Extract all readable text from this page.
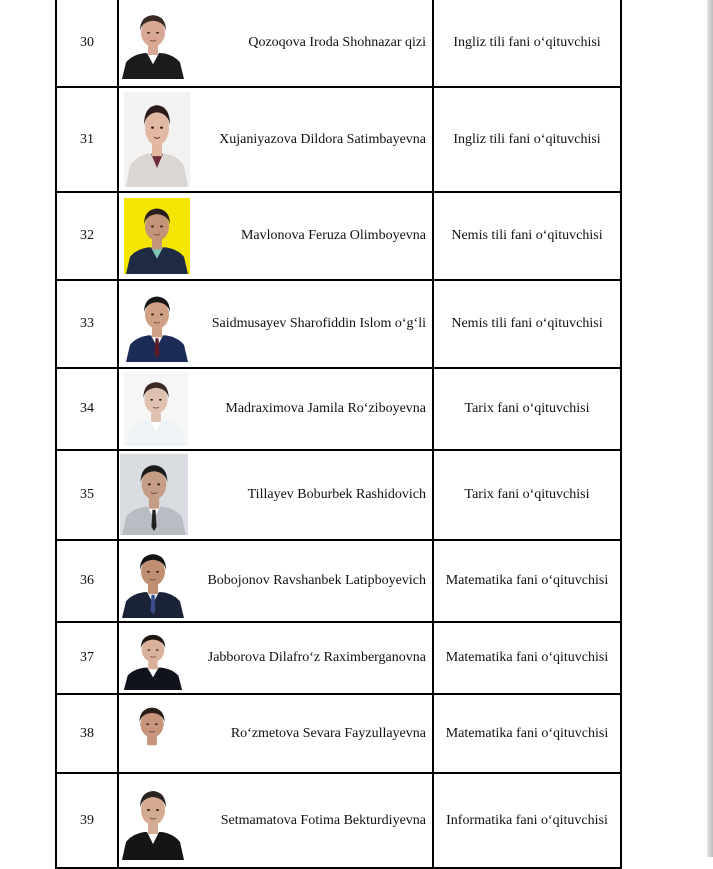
30	Qozoqova Iroda Shohnazar qizi	Ingliz tili fani o‘qituvchisi
31	Xujaniyazova Dildora Satimbayevna	Ingliz tili fani o‘qituvchisi
32	Mavlonova Feruza Olimboyevna	Nemis tili fani o‘qituvchisi
33	Saidmusayev Sharofiddin Islom o‘g‘li	Nemis tili fani o‘qituvchisi
34	Madraximova Jamila Ro‘ziboyevna	Tarix fani o‘qituvchisi
35	Tillayev Boburbek Rashidovich	Tarix fani o‘qituvchisi
36	Bobojonov Ravshanbek Latipboyevich	Matematika fani o‘qituvchisi
37	Jabborova Dilafro‘z Raximberganovna	Matematika fani o‘qituvchisi
38	Ro‘zmetova Sevara Fayzullayevna	Matematika fani o‘qituvchisi
39	Setmamatova Fotima Bekturdiyevna	Informatika fani o‘qituvchisi
